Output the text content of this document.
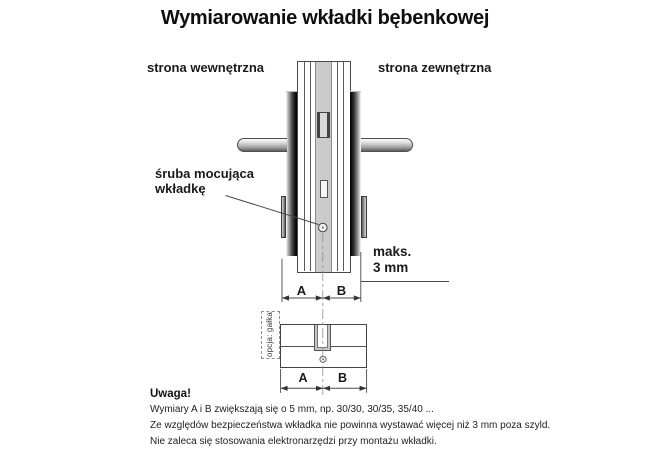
Wymiarowanie wkładki bębenkowej
strona wewnętrzna	strona zewnętrzna
śruba mocująca
wkładkę
maks.
3 mm
A	B
opcja: gałka
A	B

Uwaga!

Wymiary A i B zwiększają się o 5 mm, np. 30/30, 30/35, 35/40 ...

Ze względów bezpieczeństwa wkładka nie powinna wystawać więcej niż 3 mm poza szyld.

Nie zaleca się stosowania elektronarzędzi przy montażu wkładki.
